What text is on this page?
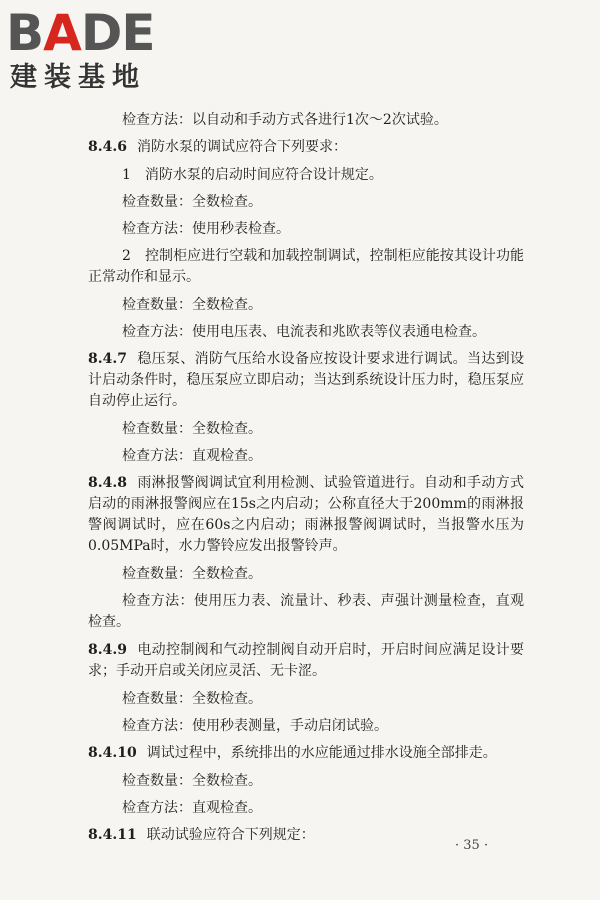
BADE
建装基地
检查方法：以自动和手动方式各进行1次～2次试验。
8.4.6 消防水泵的调试应符合下列要求：
1　消防水泵的启动时间应符合设计规定。
检查数量：全数检查。
检查方法：使用秒表检查。
2　控制柜应进行空载和加载控制调试，控制柜应能按其设计功能正常动作和显示。
检查数量：全数检查。
检查方法：使用电压表、电流表和兆欧表等仪表通电检查。
8.4.7 稳压泵、消防气压给水设备应按设计要求进行调试。当达到设计启动条件时，稳压泵应立即启动；当达到系统设计压力时，稳压泵应自动停止运行。
检查数量：全数检查。
检查方法：直观检查。
8.4.8 雨淋报警阀调试宜利用检测、试验管道进行。自动和手动方式启动的雨淋报警阀应在15s之内启动；公称直径大于200mm的雨淋报警阀调试时，应在60s之内启动；雨淋报警阀调试时，当报警水压为0.05MPa时，水力警铃应发出报警铃声。
检查数量：全数检查。
检查方法：使用压力表、流量计、秒表、声强计测量检查，直观检查。
8.4.9 电动控制阀和气动控制阀自动开启时，开启时间应满足设计要求；手动开启或关闭应灵活、无卡涩。
检查数量：全数检查。
检查方法：使用秒表测量，手动启闭试验。
8.4.10 调试过程中，系统排出的水应能通过排水设施全部排走。
检查数量：全数检查。
检查方法：直观检查。
8.4.11 联动试验应符合下列规定：
· 35 ·
